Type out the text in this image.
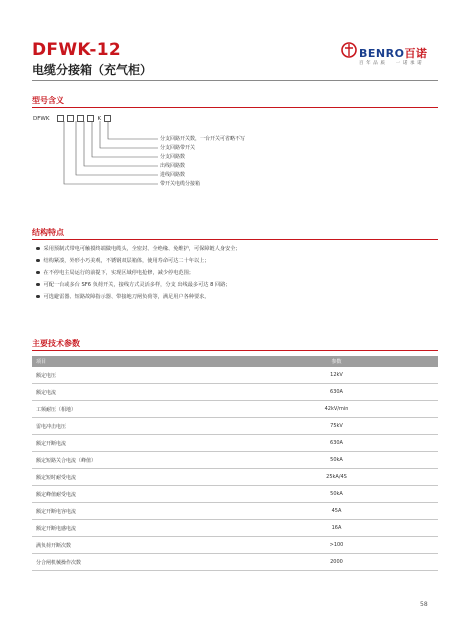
DFWK-12
电缆分接箱（充气柜）
BENRO百诺
百 年 品 质　　一 诺 承 诺
型号含义
DFWK	K
分支回路开关数，一台开关可省略不写
分支回路带开关
分支回路数
出线回路数
进线回路数
带开关电缆分接箱
结构特点
采用预制式带电可触摸终端做电缆头，全密封、全绝缘、免维护，可保障链人身安全；
结构紧凑，外形小巧美观，不锈钢双层箱体，使用寿命可达二十年以上；
在不停电主局运行的前提下，实现区域停电抢修，减少停电范围；
可配一台或多台 SF6 负荷开关，接线方式灵活多样，分支 出线最多可达 8 回路；
可选避雷器、短路故障指示器、带接地刀闸负荷等，满足用户各种要求。
主要技术参数
项目	参数
额定电压	12kV
额定电流	630A
工频耐压（相地）	42kV/min
雷电冲击电压	75kV
额定开断电流	630A
额定短路关合电流（峰值）	50kA
额定短时耐受电流	25kA/4S
额定峰值耐受电流	50kA
额定开断电容电流	45A
额定开断电感电流	16A
满负荷开断次数	>100
分合闸机械操作次数	2000
58
